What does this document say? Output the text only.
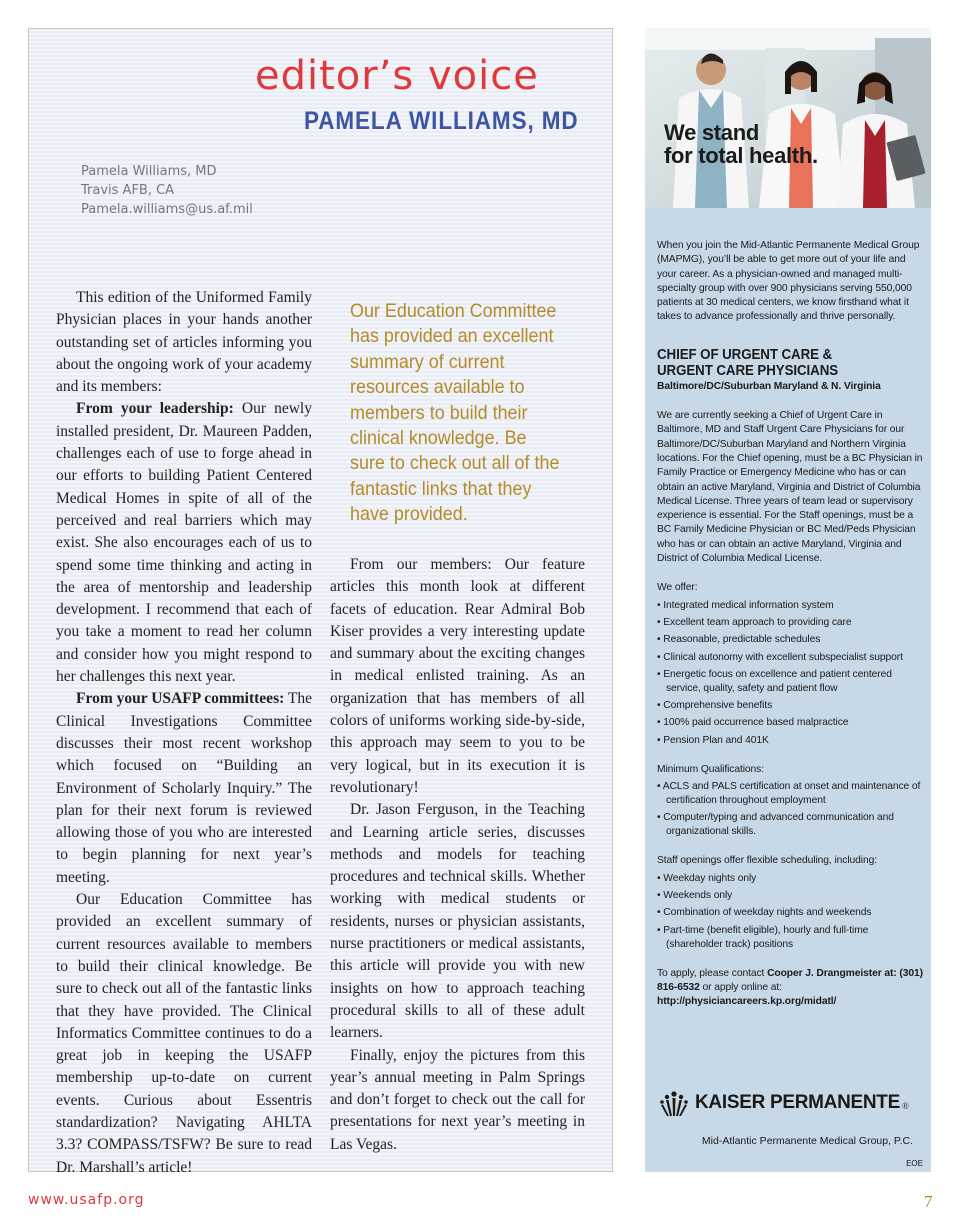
editor’s voice
PAMELA WILLIAMS, MD
Pamela Williams, MD
Travis AFB, CA
Pamela.williams@us.af.mil

This edition of the Uniformed Family Physician places in your hands another outstanding set of articles informing you about the ongoing work of your academy and its members:

From your leadership: Our newly installed president, Dr. Maureen Padden, challenges each of use to forge ahead in our efforts to building Patient Centered Medical Homes in spite of all of the perceived and real barriers which may exist. She also encourages each of us to spend some time thinking and acting in the area of mentorship and leadership development. I recommend that each of you take a moment to read her column and consider how you might respond to her challenges this next year.

From your USAFP committees: The Clinical Investigations Committee discusses their most recent workshop which focused on “Building an Environment of Scholarly Inquiry.” The plan for their next forum is reviewed allowing those of you who are interested to begin planning for next year’s meeting.

Our Education Committee has provided an excellent summary of current resources available to members to build their clinical knowledge. Be sure to check out all of the fantastic links that they have provided. The Clinical Informatics Committee continues to do a great job in keeping the USAFP membership up-to-date on current events. Curious about Essentris standardization? Navigating AHLTA 3.3? COMPASS/TSFW? Be sure to read Dr. Marshall’s article!

Our Education Committee has provided an excellent summary of current resources available to members to build their clinical knowledge. Be sure to check out all of the fantastic links that they have provided.

From our members: Our feature articles this month look at different facets of education. Rear Admiral Bob Kiser provides a very interesting update and summary about the exciting changes in medical enlisted training. As an organization that has members of all colors of uniforms working side-by-side, this approach may seem to you to be very logical, but in its execution it is revolutionary!

Dr. Jason Ferguson, in the Teaching and Learning article series, discusses methods and models for teaching procedures and technical skills. Whether working with medical students or residents, nurses or physician assistants, nurse practitioners or medical assistants, this article will provide you with new insights on how to approach teaching procedural skills to all of these adult learners.

Finally, enjoy the pictures from this year’s annual meeting in Palm Springs and don’t forget to check out the call for presentations for next year’s meeting in Las Vegas.

We stand
for total health.

When you join the Mid-Atlantic Permanente Medical Group (MAPMG), you’ll be able to get more out of your life and your career. As a physician-owned and managed multi-specialty group with over 900 physicians serving 550,000 patients at 30 medical centers, we know firsthand what it takes to advance professionally and thrive personally.

CHIEF OF URGENT CARE &
URGENT CARE PHYSICIANS

Baltimore/DC/Suburban Maryland & N. Virginia

We are currently seeking a Chief of Urgent Care in Baltimore, MD and Staff Urgent Care Physicians for our Baltimore/DC/Suburban Maryland and Northern Virginia locations. For the Chief opening, must be a BC Physician in Family Practice or Emergency Medicine who has or can obtain an active Maryland, Virginia and District of Columbia Medical License. Three years of team lead or supervisory experience is essential. For the Staff openings, must be a BC Family Medicine Physician or BC Med/Peds Physician who has or can obtain an active Maryland, Virginia and District of Columbia Medical License.

We offer:

• Integrated medical information system
• Excellent team approach to providing care
• Reasonable, predictable schedules
• Clinical autonomy with excellent subspecialist support
• Energetic focus on excellence and patient centered service, quality, safety and patient flow
• Comprehensive benefits
• 100% paid occurrence based malpractice
• Pension Plan and 401K

Minimum Qualifications:

• ACLS and PALS certification at onset and maintenance of certification throughout employment
• Computer/typing and advanced communication and organizational skills.

Staff openings offer flexible scheduling, including:

• Weekday nights only
• Weekends only
• Combination of weekday nights and weekends
• Part-time (benefit eligible), hourly and full-time (shareholder track) positions

To apply, please contact Cooper J. Drangmeister at: (301) 816-6532 or apply online at:
http://physiciancareers.kp.org/midatl/

KAISER PERMANENTE ®

Mid-Atlantic Permanente Medical Group, P.C.

EOE

www.usafp.org	7
